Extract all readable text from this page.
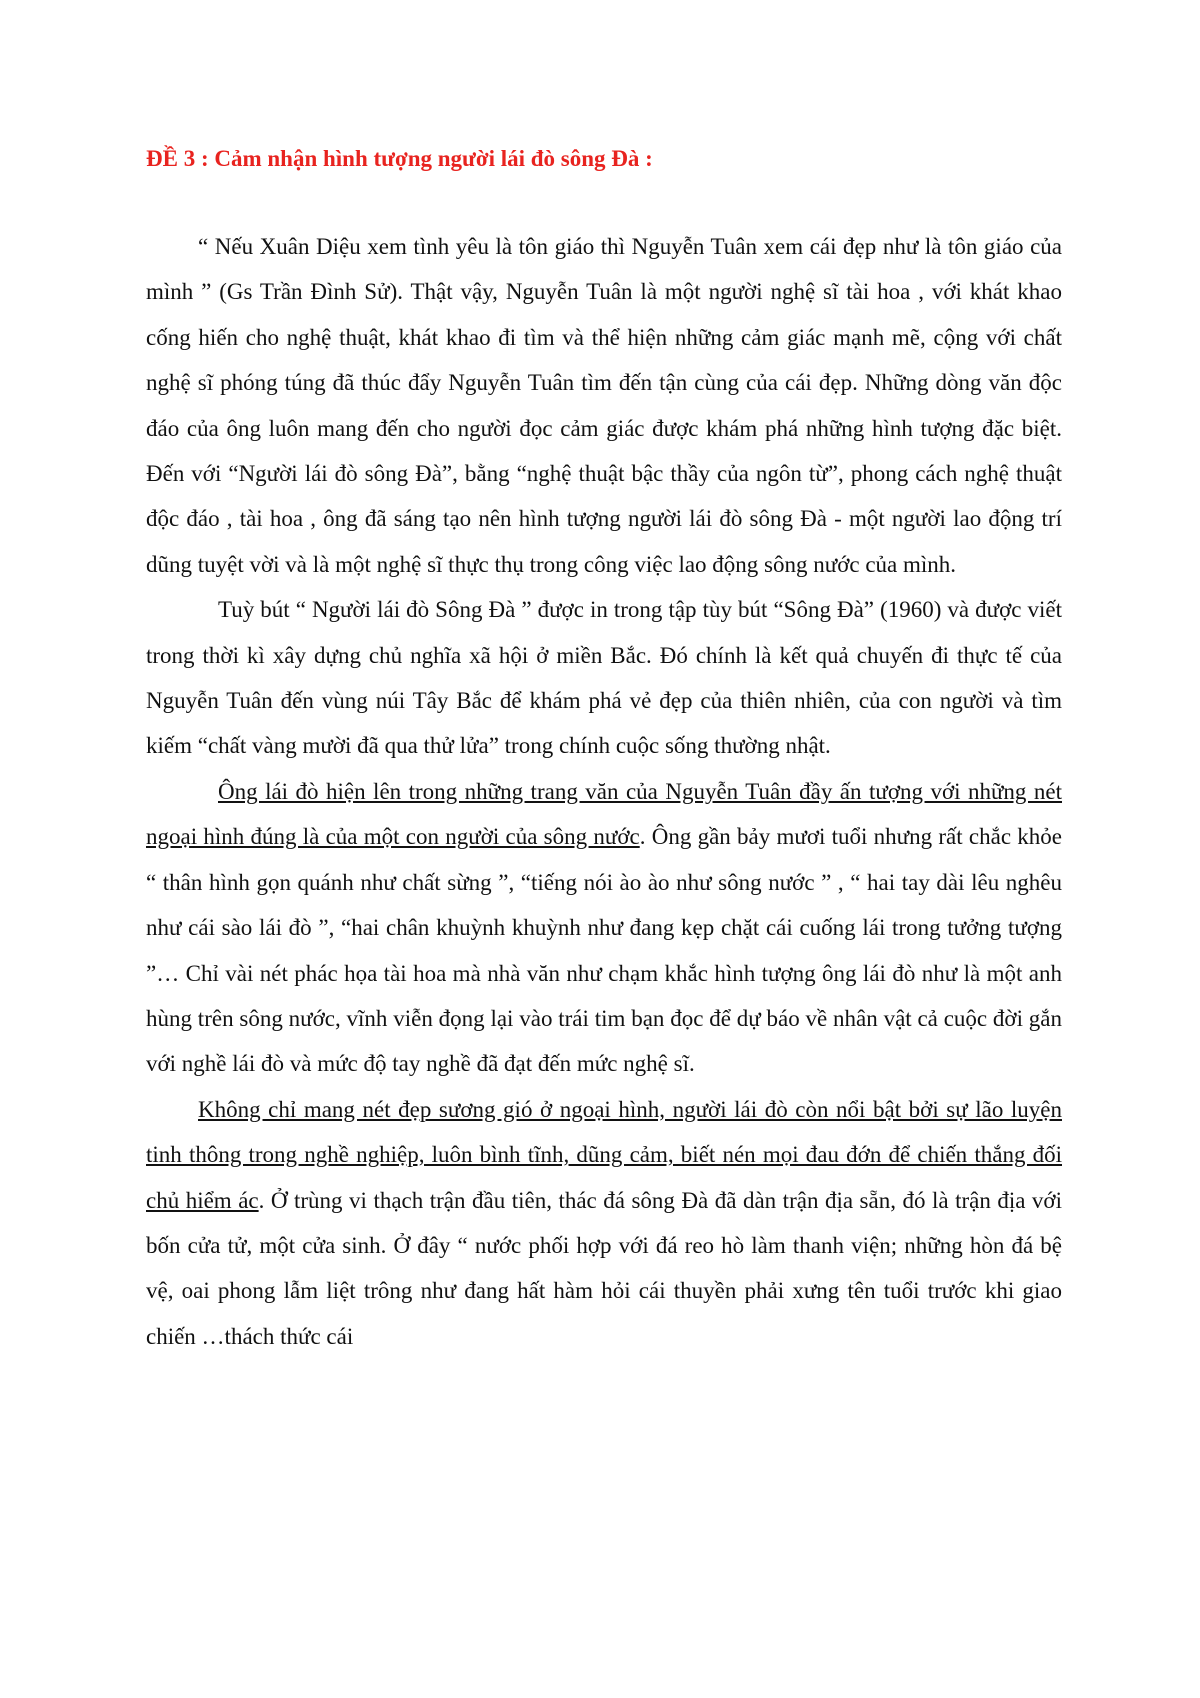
ĐỀ 3 : Cảm nhận hình tượng người lái đò sông Đà :

“ Nếu Xuân Diệu xem tình yêu là tôn giáo thì Nguyễn Tuân xem cái đẹp như là tôn giáo của mình ” (Gs Trần Đình Sử). Thật vậy, Nguyễn Tuân là một người nghệ sĩ tài hoa , với khát khao cống hiến cho nghệ thuật, khát khao đi tìm và thể hiện những cảm giác mạnh mẽ, cộng với chất nghệ sĩ phóng túng đã thúc đẩy Nguyễn Tuân tìm đến tận cùng của cái đẹp. Những dòng văn độc đáo của ông luôn mang đến cho người đọc cảm giác được khám phá những hình tượng đặc biệt. Đến với “Người lái đò sông Đà”, bằng “nghệ thuật bậc thầy của ngôn từ”, phong cách nghệ thuật độc đáo , tài hoa , ông đã sáng tạo nên hình tượng người lái đò sông Đà - một người lao động trí dũng tuyệt vời và là một nghệ sĩ thực thụ trong công việc lao động sông nước của mình.

Tuỳ bút “ Người lái đò Sông Đà ” được in trong tập tùy bút “Sông Đà” (1960) và được viết trong thời kì xây dựng chủ nghĩa xã hội ở miền Bắc. Đó chính là kết quả chuyến đi thực tế của Nguyễn Tuân đến vùng núi Tây Bắc để khám phá vẻ đẹp của thiên nhiên, của con người và tìm kiếm “chất vàng mười đã qua thử lửa” trong chính cuộc sống thường nhật.

Ông lái đò hiện lên trong những trang văn của Nguyễn Tuân đầy ấn tượng với những nét ngoại hình đúng là của một con người của sông nước. Ông gần bảy mươi tuổi nhưng rất chắc khỏe “ thân hình gọn quánh như chất sừng ”, “tiếng nói ào ào như sông nước ” , “ hai tay dài lêu nghêu như cái sào lái đò ”, “hai chân khuỳnh khuỳnh như đang kẹp chặt cái cuống lái trong tưởng tượng ”… Chỉ vài nét phác họa tài hoa mà nhà văn như chạm khắc hình tượng ông lái đò như là một anh hùng trên sông nước, vĩnh viễn đọng lại vào trái tim bạn đọc để dự báo về nhân vật cả cuộc đời gắn với nghề lái đò và mức độ tay nghề đã đạt đến mức nghệ sĩ.

Không chỉ mang nét đẹp sương gió ở ngoại hình, người lái đò còn nổi bật bởi sự lão luyện tinh thông trong nghề nghiệp, luôn bình tĩnh, dũng cảm, biết nén mọi đau đớn để chiến thắng đối chủ hiểm ác. Ở trùng vi thạch trận đầu tiên, thác đá sông Đà đã dàn trận địa sẵn, đó là trận địa với bốn cửa tử, một cửa sinh. Ở đây “ nước phối hợp với đá reo hò làm thanh viện; những hòn đá bệ vệ, oai phong lẫm liệt trông như đang hất hàm hỏi cái thuyền phải xưng tên tuổi trước khi giao chiến …thách thức cái
